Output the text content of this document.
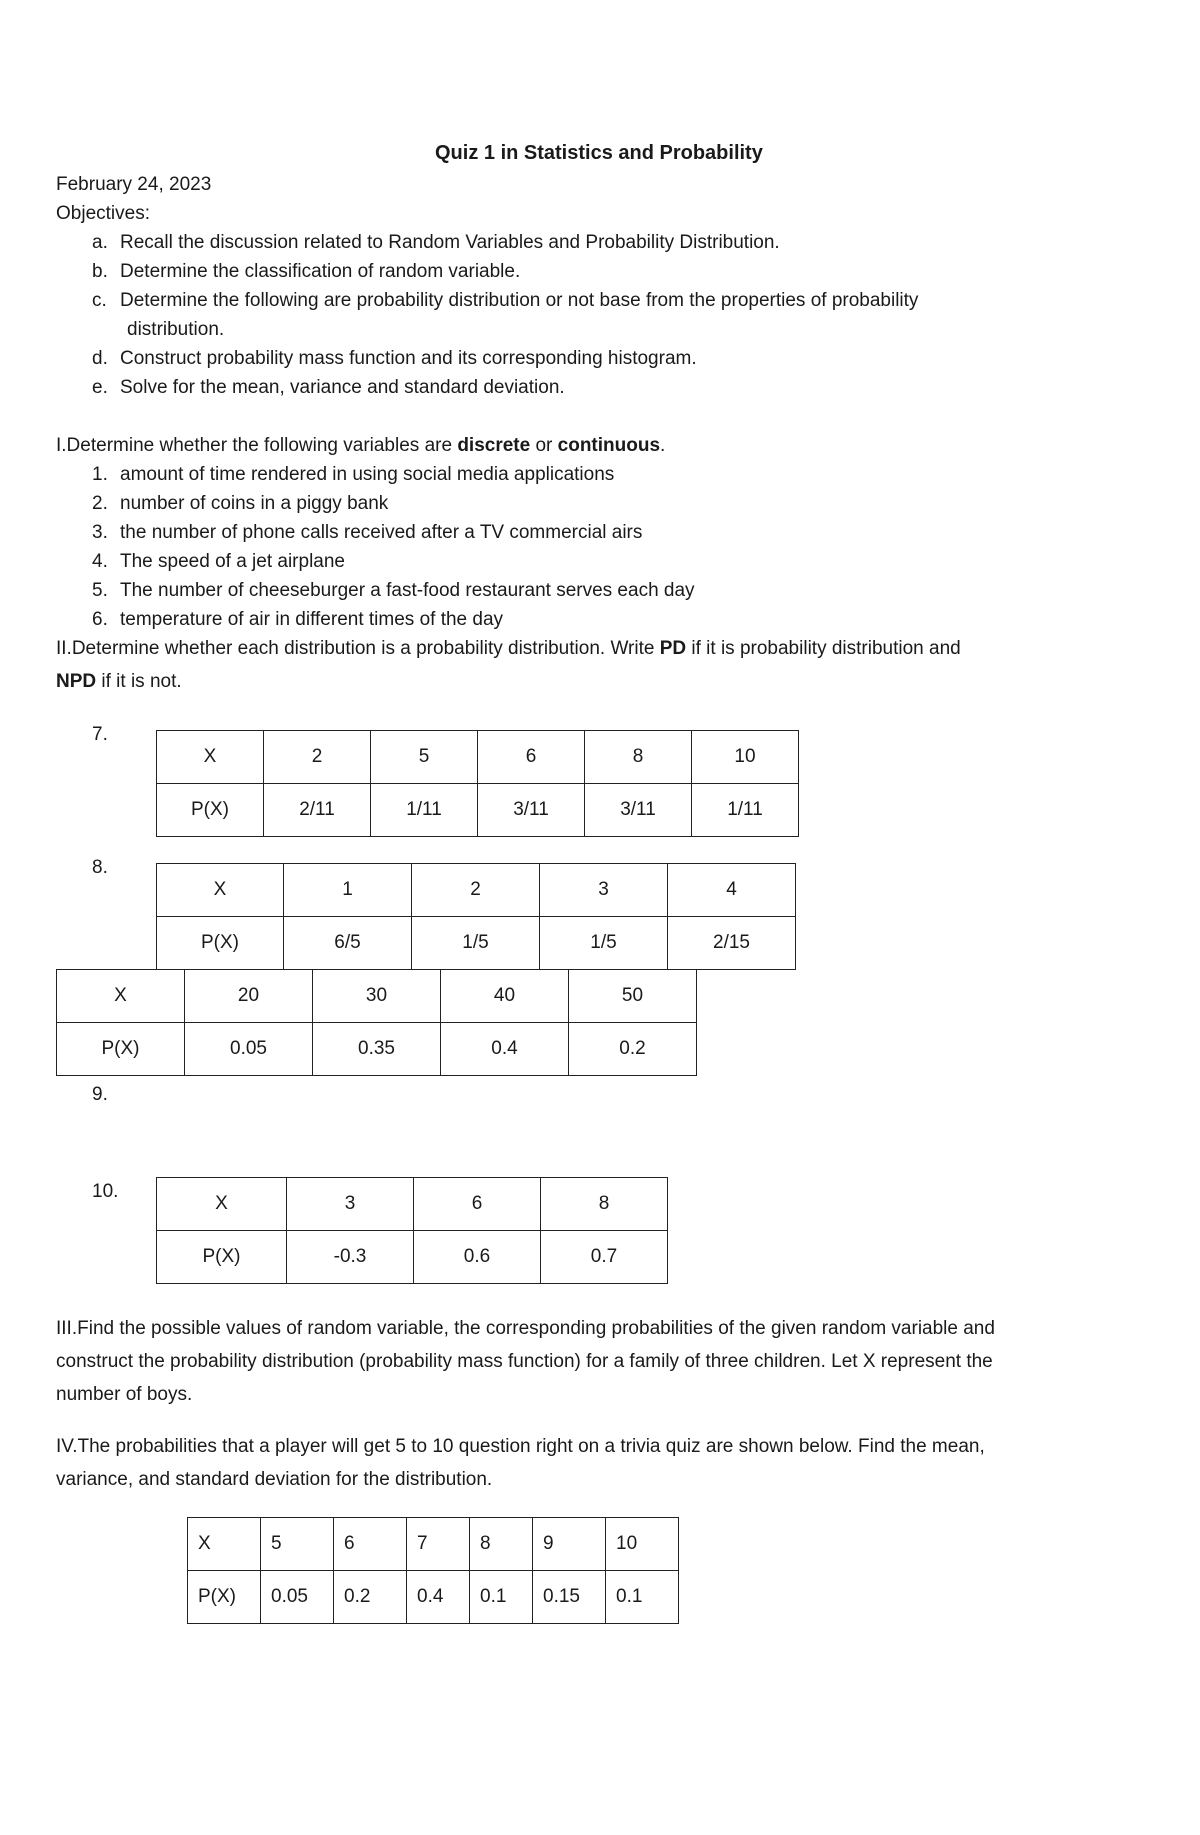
Quiz 1 in Statistics and Probability
February 24, 2023
Objectives:
a. Recall the discussion related to Random Variables and Probability Distribution.
b. Determine the classification of random variable.
c. Determine the following are probability distribution or not base from the properties of probability
distribution.
d. Construct probability mass function and its corresponding histogram.
e. Solve for the mean, variance and standard deviation.
I.Determine whether the following variables are discrete or continuous.
1. amount of time rendered in using social media applications
2. number of coins in a piggy bank
3. the number of phone calls received after a TV commercial airs
4. The speed of a jet airplane
5. The number of cheeseburger a fast-food restaurant serves each day
6. temperature of air in different times of the day
II.Determine whether each distribution is a probability distribution. Write PD if it is probability distribution and
NPD if it is not.
7.
X	2	5	6	8	10
P(X)	2/11	1/11	3/11	3/11	1/11
8.
X	1	2	3	4
P(X)	6/5	1/5	1/5	2/15
X	20	30	40	50
P(X)	0.05	0.35	0.4	0.2
9.
10.
X	3	6	8
P(X)	-0.3	0.6	0.7
III.Find the possible values of random variable, the corresponding probabilities of the given random variable and
construct the probability distribution (probability mass function) for a family of three children. Let X represent the
number of boys.
IV.The probabilities that a player will get 5 to 10 question right on a trivia quiz are shown below. Find the mean,
variance, and standard deviation for the distribution.
X	5	6	7	8	9	10
P(X)	0.05	0.2	0.4	0.1	0.15	0.1
